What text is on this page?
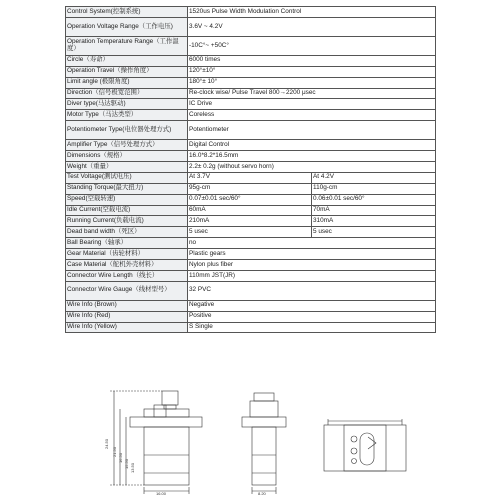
Control System(控制系统)	1520us Pulse Width Modulation Control	
Operation Voltage Range（工作电压)	3.6V ~ 4.2V	
Operation Temperature Range（工作温度）	-10C°~ +50C°	
Circle（寿命）	6000 times	
Operation Travel（操作角度）	120°±10°	
Limit angle (极限角度)	180°± 10°	
Direction（信号极宽范围）	Re-clock wise/ Pulse Travel 800→2200 μsec	
Diver type(马达驱动)	IC Drive	
Motor Type（马达类型）	Coreless	
Potentiometer Type(电位器处理方式)	Potentiometer	
Amplifier Type（信号处理方式）	Digital Control	
Dimensions（规格）	16.0*8.2*16.5mm	
Weight（重量）	2.2± 0.2g (without servo horn)	
Test Voltage(测试电压)	At 3.7V	At 4.2V
Standing Torque(最大扭力)	95g-cm	110g-cm
Speed(空载转速)	0.07±0.01 sec/60°	0.06±0.01 sec/60°
Idle Current(空载电流)	60mA	70mA
Running Current(负载电流)	210mA	310mA
Dead band width（死区）	5 usec	5 usec
Ball Bearing（轴承）	no	
Gear Material（齿轮材料）	Plastic gears	
Case Material（舵机外壳材料）	Nylon plus fiber	
Connector Wire Length（线长）	110mm JST(JR)	
Connector Wire Gauge（线材型号）	32 PVC	
Wire Info (Brown)	Negative	
Wire Info (Red)	Positive	
Wire Info (Yellow)	S Single	
24.50
21.50
16.50
15.50 13.50
16.00	8.20
